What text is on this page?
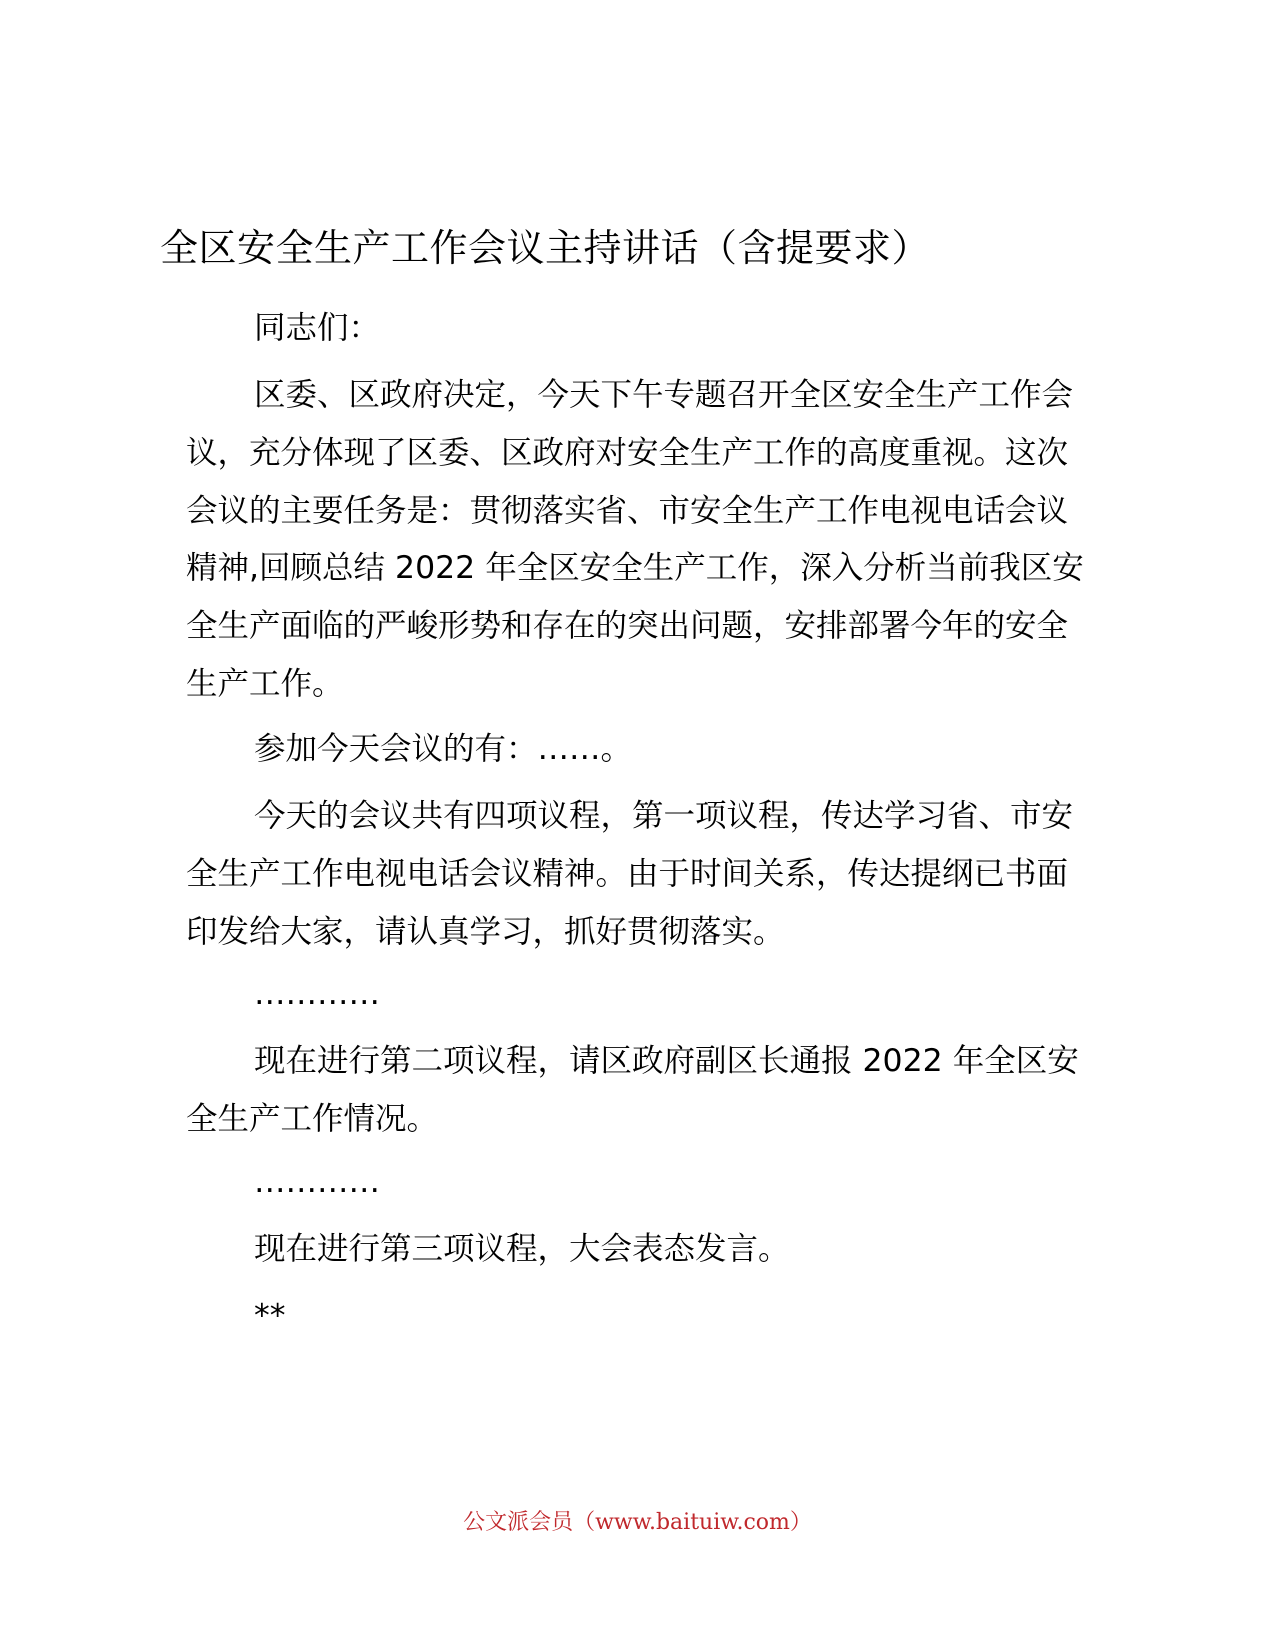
全区安全生产工作会议主持讲话（含提要求）

同志们：

区委、区政府决定，今天下午专题召开全区安全生产工作会议，充分体现了区委、区政府对安全生产工作的高度重视。这次会议的主要任务是：贯彻落实省、市安全生产工作电视电话会议精神,回顾总结 2022 年全区安全生产工作，深入分析当前我区安全生产面临的严峻形势和存在的突出问题，安排部署今年的安全生产工作。

参加今天会议的有：……。

今天的会议共有四项议程，第一项议程，传达学习省、市安全生产工作电视电话会议精神。由于时间关系，传达提纲已书面印发给大家，请认真学习，抓好贯彻落实。

…………

现在进行第二项议程，请区政府副区长通报 2022 年全区安全生产工作情况。

…………

现在进行第三项议程，大会表态发言。

**

公文派会员（www.baituiw.com）
